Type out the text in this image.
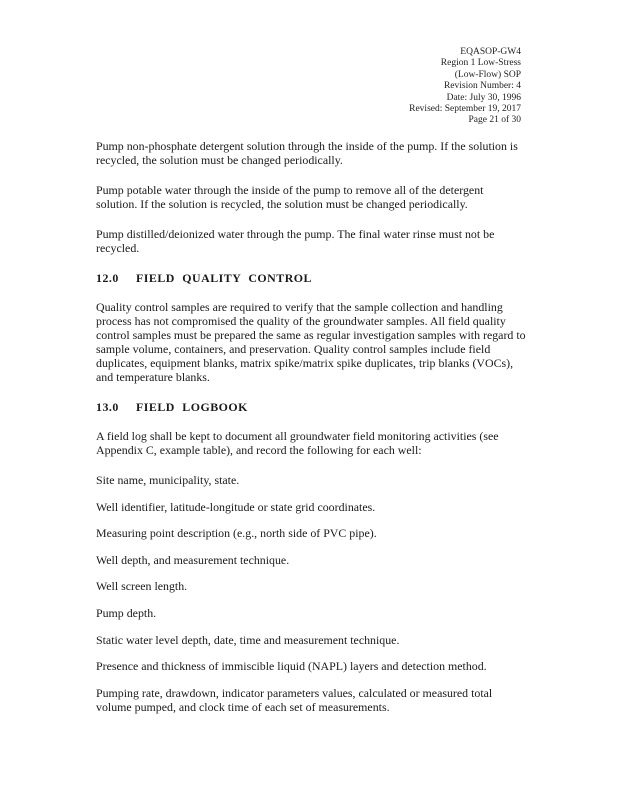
EQASOP-GW4
Region 1 Low-Stress
(Low-Flow) SOP
Revision Number: 4
Date: July 30, 1996
Revised: September 19, 2017
Page 21 of 30

Pump non-phosphate detergent solution through the inside of the pump. If the solution is recycled, the solution must be changed periodically.

Pump potable water through the inside of the pump to remove all of the detergent solution. If the solution is recycled, the solution must be changed periodically.

Pump distilled/deionized water through the pump. The final water rinse must not be recycled.

12.0 FIELD QUALITY CONTROL

Quality control samples are required to verify that the sample collection and handling process has not compromised the quality of the groundwater samples. All field quality control samples must be prepared the same as regular investigation samples with regard to sample volume, containers, and preservation. Quality control samples include field duplicates, equipment blanks, matrix spike/matrix spike duplicates, trip blanks (VOCs), and temperature blanks.

13.0 FIELD LOGBOOK

A field log shall be kept to document all groundwater field monitoring activities (see Appendix C, example table), and record the following for each well:

Site name, municipality, state.

Well identifier, latitude-longitude or state grid coordinates.

Measuring point description (e.g., north side of PVC pipe).

Well depth, and measurement technique.

Well screen length.

Pump depth.

Static water level depth, date, time and measurement technique.

Presence and thickness of immiscible liquid (NAPL) layers and detection method.

Pumping rate, drawdown, indicator parameters values, calculated or measured total volume pumped, and clock time of each set of measurements.
